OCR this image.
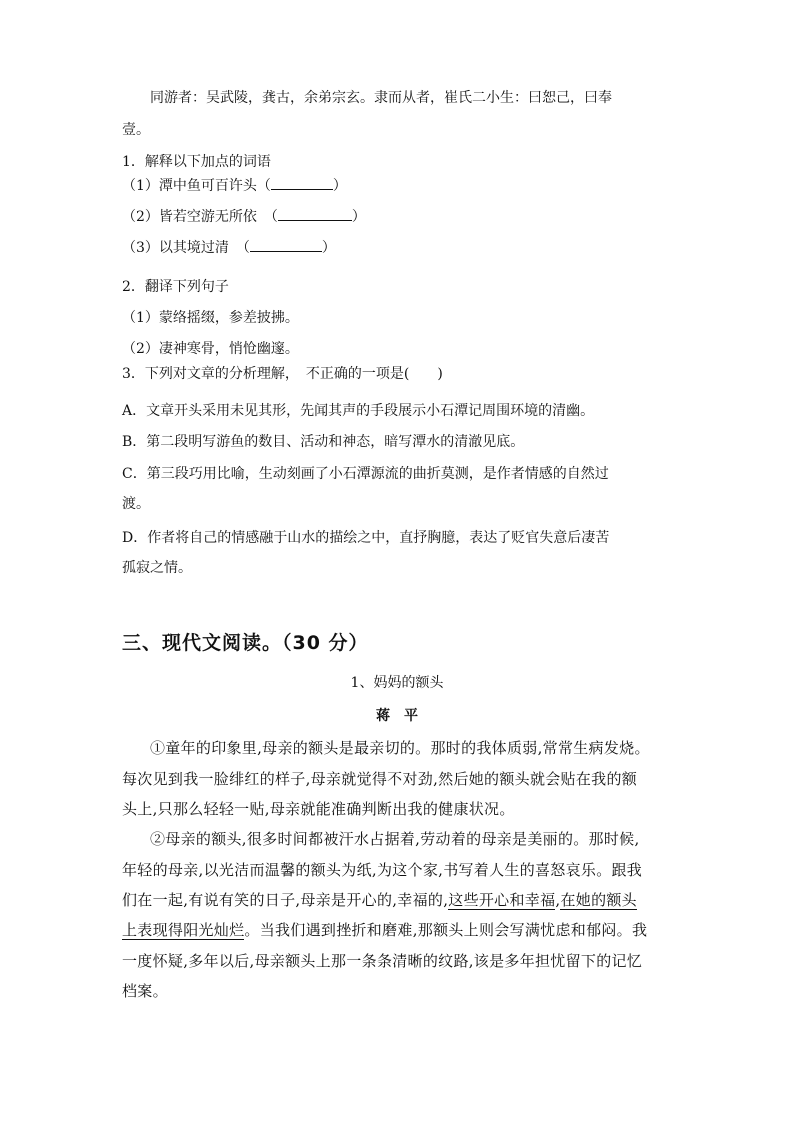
同游者：吴武陵，龚古，余弟宗玄。隶而从者，崔氏二小生：曰恕己，曰奉
壹。
1．解释以下加点的词语
（1）潭中鱼可百许头（	）
（2）皆若空游无所依　（	）
（3）以其境过清　（	）
2．翻译下列句子
（1）蒙络摇缀，参差披拂。
（2）凄神寒骨，悄怆幽邃。
3．下列对文章的分析理解，　不正确的一项是(　　)
A．文章开头采用未见其形，先闻其声的手段展示小石潭记周围环境的清幽。
B．第二段明写游鱼的数目、活动和神态，暗写潭水的清澈见底。
C．第三段巧用比喻，生动刻画了小石潭源流的曲折莫测，是作者情感的自然过
渡。
D．作者将自己的情感融于山水的描绘之中，直抒胸臆，表达了贬官失意后凄苦
孤寂之情。
三、现代文阅读。（30 分）
1、妈妈的额头
蒋　平
①童年的印象里,母亲的额头是最亲切的。那时的我体质弱,常常生病发烧。
每次见到我一脸绯红的样子,母亲就觉得不对劲,然后她的额头就会贴在我的额
头上,只那么轻轻一贴,母亲就能准确判断出我的健康状况。
②母亲的额头,很多时间都被汗水占据着,劳动着的母亲是美丽的。那时候,
年轻的母亲,以光洁而温馨的额头为纸,为这个家,书写着人生的喜怒哀乐。跟我
们在一起,有说有笑的日子,母亲是开心的,幸福的,这些开心和幸福,在她的额头
上表现得阳光灿烂。当我们遇到挫折和磨难,那额头上则会写满忧虑和郁闷。我
一度怀疑,多年以后,母亲额头上那一条条清晰的纹路,该是多年担忧留下的记忆
档案。
